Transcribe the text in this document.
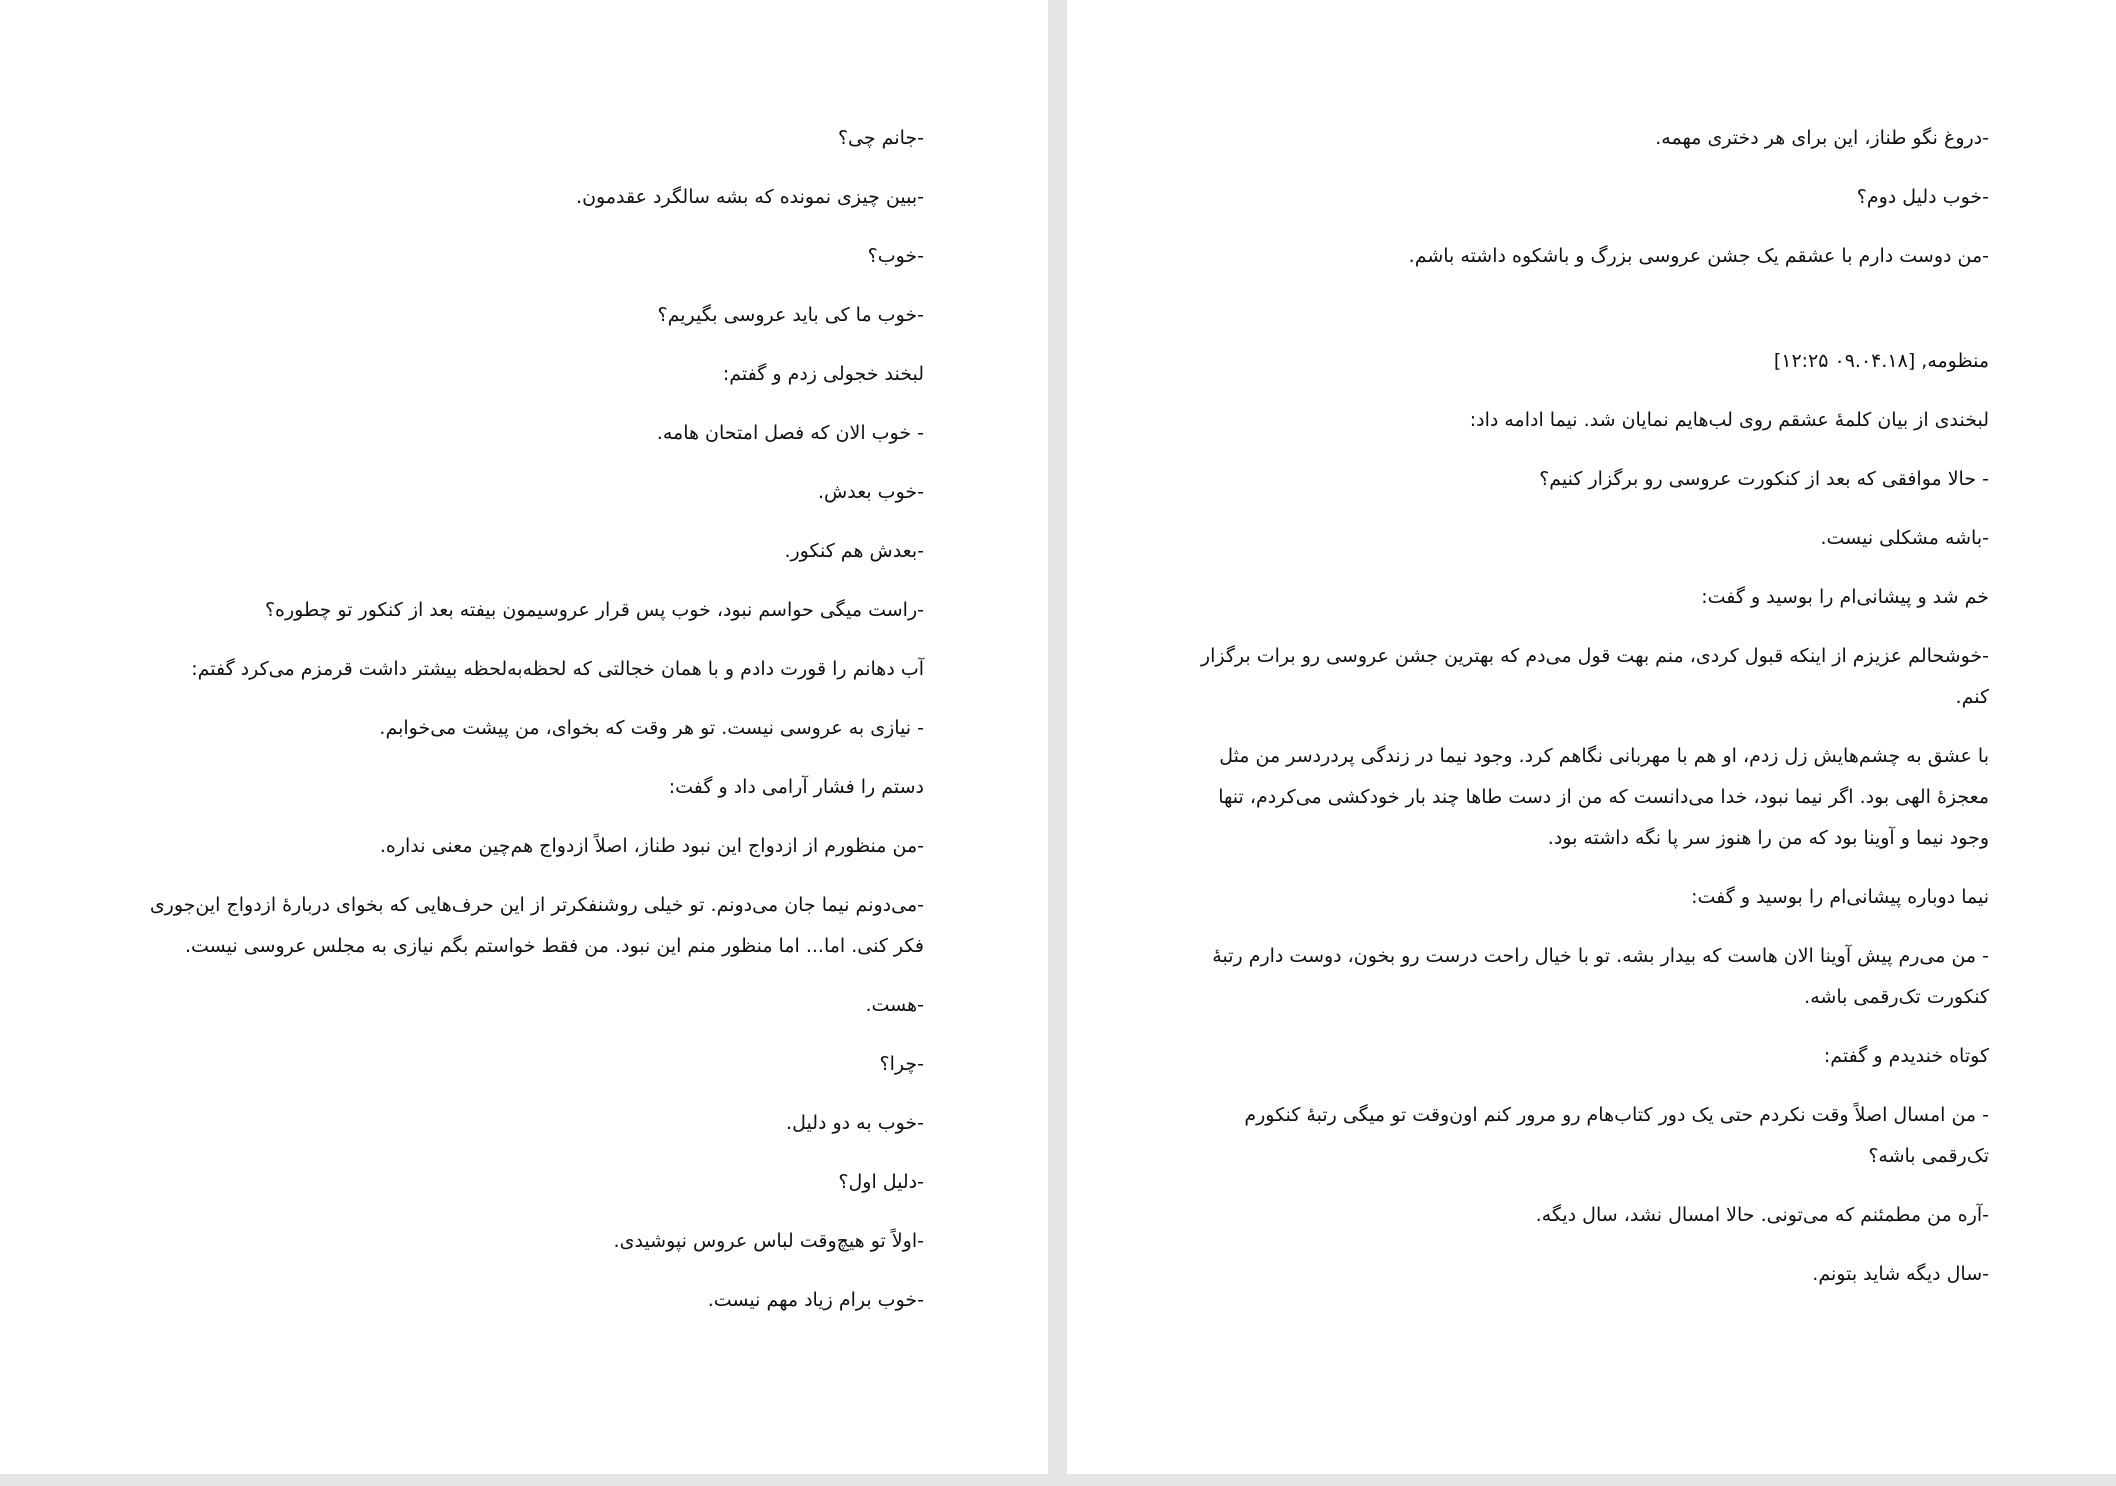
-جانم چی؟

-ببین چیزی نمونده که بشه سالگرد عقدمون.

-خوب؟

-خوب ما کی باید عروسی بگیریم؟

لبخند خجولی زدم و گفتم:

- خوب الان که فصل امتحان هامه.

-خوب بعدش.

-بعدش هم کنکور.

-راست میگی حواسم نبود، خوب پس قرار عروسیمون بیفته بعد از کنکور تو چطوره؟

آب دهانم را قورت دادم و با همان خجالتی که لحظه‌به‌لحظه بیشتر داشت قرمزم می‌کرد گفتم:

- نیازی به عروسی نیست. تو هر وقت که بخوای، من پیشت می‌خوابم.

دستم را فشار آرامی داد و گفت:

-من منظورم از ازدواج این نبود طناز، اصلاً ازدواج هم‌چین معنی نداره.

-می‌دونم نیما جان می‌دونم. تو خیلی روشنفکرتر از این حرف‌هایی که بخوای دربارهٔ ازدواج این‌جوری فکر کنی. اما... اما منظور منم این نبود. من فقط خواستم بگم نیازی به مجلس عروسی نیست.

-هست.

-چرا؟

-خوب به دو دلیل.

-دلیل اول؟

-اولاً تو هیچ‌وقت لباس عروس نپوشیدی.

-خوب برام زیاد مهم نیست.

-دروغ نگو طناز، این برای هر دختری مهمه.

-خوب دلیل دوم؟

-من دوست دارم با عشقم یک جشن عروسی بزرگ و باشکوه داشته باشم.

منظومه, [۰۹.۰۴.۱۸ ۱۲:۲۵]

لبخندی از بیان کلمهٔ عشقم روی لب‌هایم نمایان شد. نیما ادامه داد:

- حالا موافقی که بعد از کنکورت عروسی رو برگزار کنیم؟

-باشه مشکلی نیست.

خم شد و پیشانی‌ام را بوسید و گفت:

-خوشحالم عزیزم از اینکه قبول کردی، منم بهت قول می‌دم که بهترین جشن عروسی رو برات برگزار کنم.

با عشق به چشم‌هایش زل زدم، او هم با مهربانی نگاهم کرد. وجود نیما در زندگی پردردسر من مثل معجزهٔ الهی بود. اگر نیما نبود، خدا می‌دانست که من از دست طاها چند بار خودکشی می‌کردم، تنها وجود نیما و آوینا بود که من را هنوز سر پا نگه داشته بود.

نیما دوباره پیشانی‌ام را بوسید و گفت:

- من می‌رم پیش آوینا الان هاست که بیدار بشه. تو با خیال راحت درست رو بخون، دوست دارم رتبهٔ کنکورت تک‌رقمی باشه.

کوتاه خندیدم و گفتم:

- من امسال اصلاً وقت نکردم حتی یک دور کتاب‌هام رو مرور کنم اون‌وقت تو میگی رتبهٔ کنکورم تک‌رقمی باشه؟

-آره من مطمئنم که می‌تونی. حالا امسال نشد، سال دیگه.

-سال دیگه شاید بتونم.
